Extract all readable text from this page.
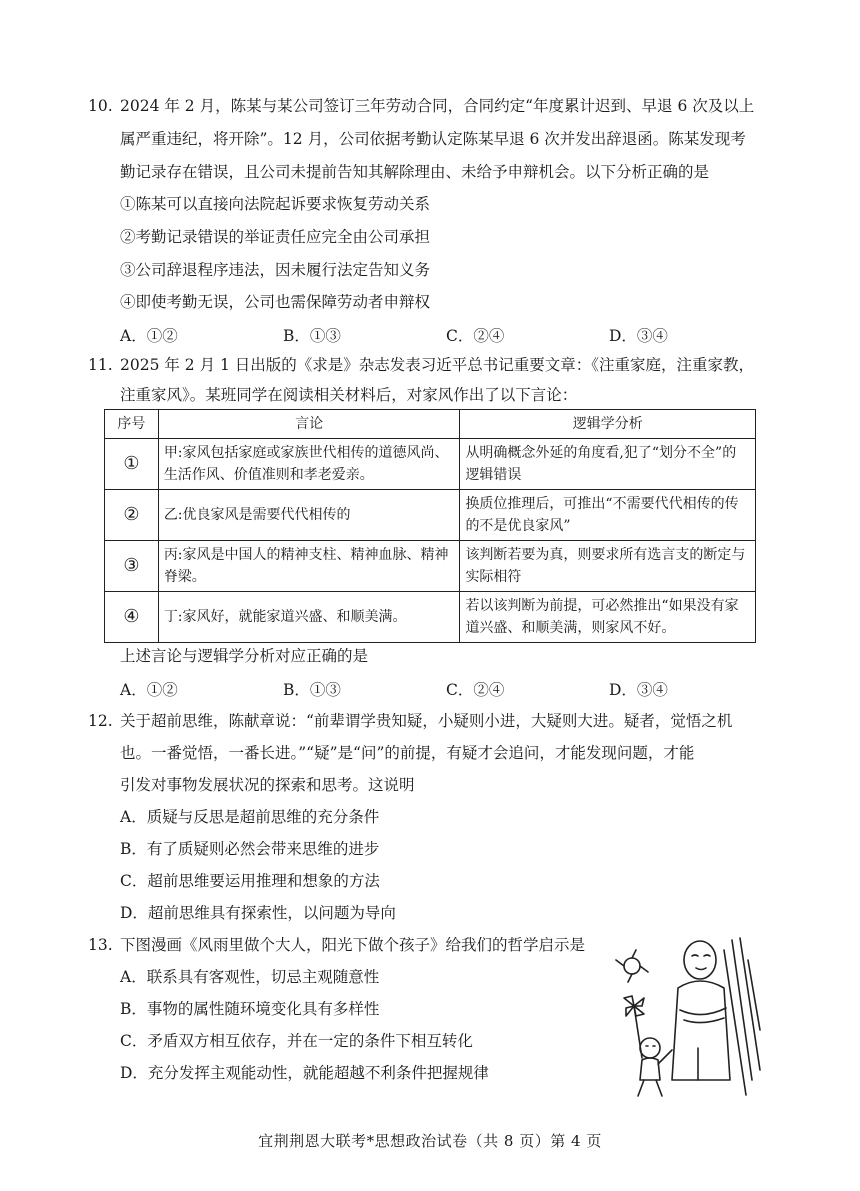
10. 2024 年 2 月，陈某与某公司签订三年劳动合同，合同约定“年度累计迟到、早退 6 次及以上
属严重违纪，将开除”。12 月，公司依据考勤认定陈某早退 6 次并发出辞退函。陈某发现考
勤记录存在错误，且公司未提前告知其解除理由、未给予申辩机会。以下分析正确的是
①陈某可以直接向法院起诉要求恢复劳动关系
②考勤记录错误的举证责任应完全由公司承担
③公司辞退程序违法，因未履行法定告知义务
④即使考勤无误，公司也需保障劳动者申辩权
A．①②	B．①③	C．②④	D．③④
11. 2025 年 2 月 1 日出版的《求是》杂志发表习近平总书记重要文章：《注重家庭，注重家教，
注重家风》。某班同学在阅读相关材料后，对家风作出了以下言论：
序号	言论	逻辑学分析
①	甲:家风包括家庭或家族世代相传的道德风尚、生活作风、价值准则和孝老爱亲。	从明确概念外延的角度看,犯了“划分不全”的逻辑错误
②	乙:优良家风是需要代代相传的	换质位推理后，可推出“不需要代代相传的传的不是优良家风”
③	丙:家风是中国人的精神支柱、精神血脉、精神脊梁。	该判断若要为真，则要求所有选言支的断定与实际相符
④	丁:家风好，就能家道兴盛、和顺美满。	若以该判断为前提，可必然推出“如果没有家道兴盛、和顺美满，则家风不好。
上述言论与逻辑学分析对应正确的是
A．①②	B．①③	C．②④	D．③④
12. 关于超前思维，陈献章说：“前辈谓学贵知疑，小疑则小进，大疑则大进。疑者，觉悟之机
也。一番觉悟，一番长进。”“疑”是“问”的前提，有疑才会追问，才能发现问题，才能
引发对事物发展状况的探索和思考。这说明
A．质疑与反思是超前思维的充分条件
B．有了质疑则必然会带来思维的进步
C．超前思维要运用推理和想象的方法
D．超前思维具有探索性，以问题为导向
13. 下图漫画《风雨里做个大人，阳光下做个孩子》给我们的哲学启示是
A．联系具有客观性，切忌主观随意性
B．事物的属性随环境变化具有多样性
C．矛盾双方相互依存，并在一定的条件下相互转化
D．充分发挥主观能动性，就能超越不利条件把握规律
宜荆荆恩大联考*思想政治试卷（共 8 页）第 4 页
